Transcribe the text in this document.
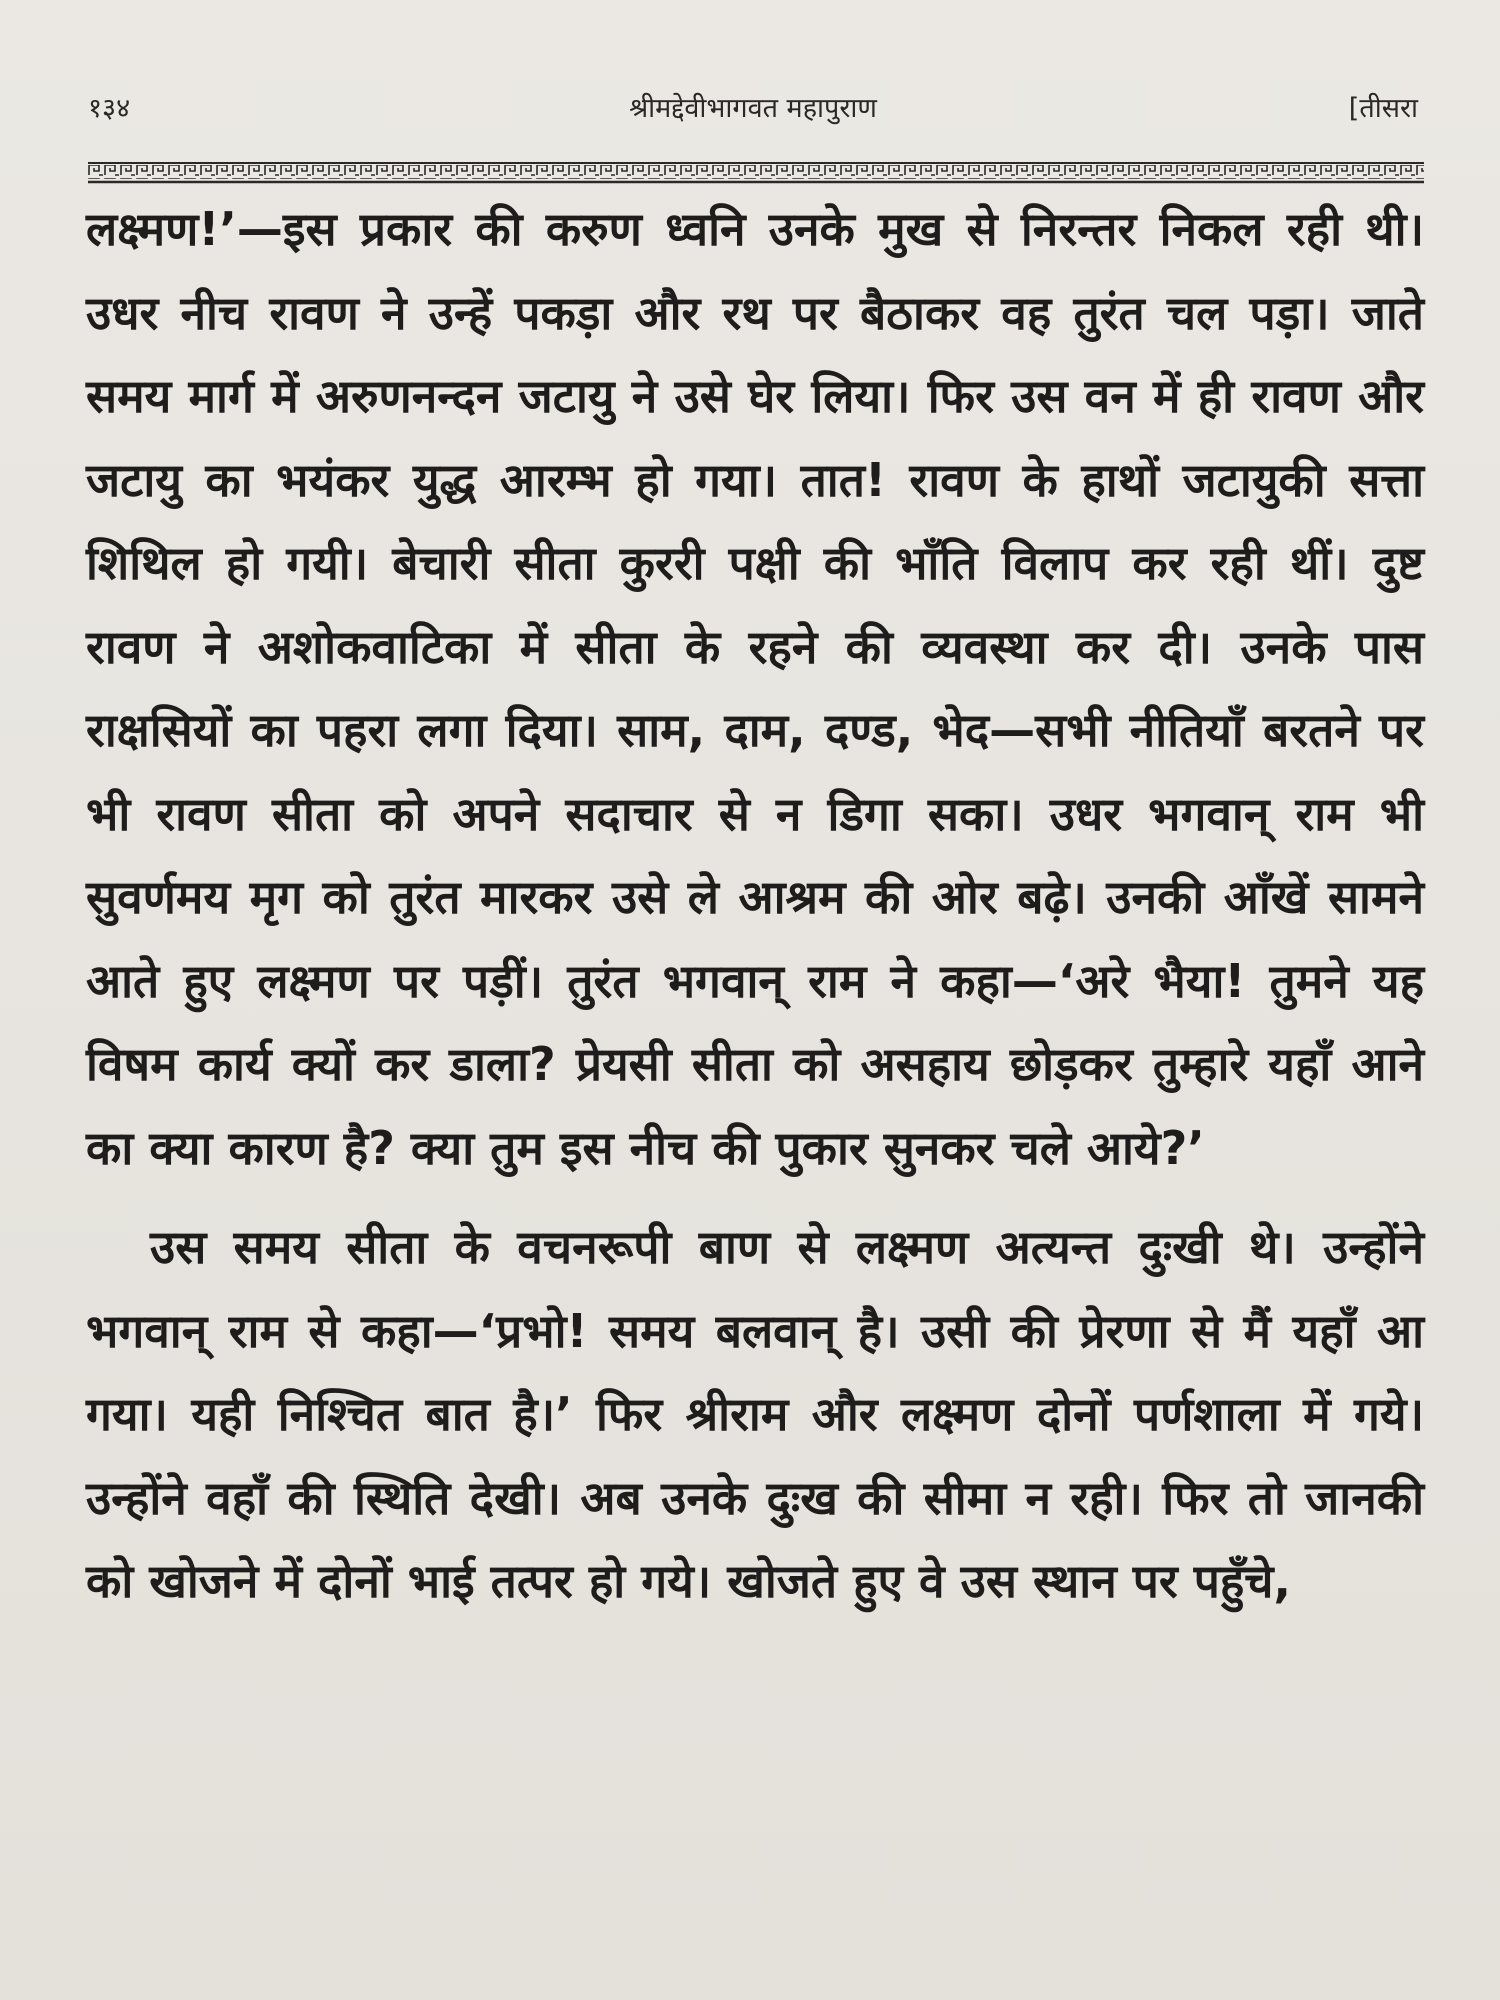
१३४	श्रीमद्देवीभागवत महापुराण	[तीसरा

लक्ष्मण!’—इस प्रकार की करुण ध्वनि उनके मुख से निरन्तर निकल रही थी। उधर नीच रावण ने उन्हें पकड़ा और रथ पर बैठाकर वह तुरंत चल पड़ा। जाते समय मार्ग में अरुणनन्दन जटायु ने उसे घेर लिया। फिर उस वन में ही रावण और जटायु का भयंकर युद्ध आरम्भ हो गया। तात! रावण के हाथों जटायुकी सत्ता शिथिल हो गयी। बेचारी सीता कुररी पक्षी की भाँति विलाप कर रही थीं। दुष्ट रावण ने अशोकवाटिका में सीता के रहने की व्यवस्था कर दी। उनके पास राक्षसियों का पहरा लगा दिया। साम, दाम, दण्ड, भेद—सभी नीतियाँ बरतने पर भी रावण सीता को अपने सदाचार से न डिगा सका। उधर भगवान् राम भी सुवर्णमय मृग को तुरंत मारकर उसे ले आश्रम की ओर बढ़े। उनकी आँखें सामने आते हुए लक्ष्मण पर पड़ीं। तुरंत भगवान् राम ने कहा—‘अरे भैया! तुमने यह विषम कार्य क्यों कर डाला? प्रेयसी सीता को असहाय छोड़कर तुम्हारे यहाँ आने का क्या कारण है? क्या तुम इस नीच की पुकार सुनकर चले आये?’

उस समय सीता के वचनरूपी बाण से लक्ष्मण अत्यन्त दुःखी थे। उन्होंने भगवान् राम से कहा—‘प्रभो! समय बलवान् है। उसी की प्रेरणा से मैं यहाँ आ गया। यही निश्चित बात है।’ फिर श्रीराम और लक्ष्मण दोनों पर्णशाला में गये। उन्होंने वहाँ की स्थिति देखी। अब उनके दुःख की सीमा न रही। फिर तो जानकी को खोजने में दोनों भाई तत्पर हो गये। खोजते हुए वे उस स्थान पर पहुँचे,
